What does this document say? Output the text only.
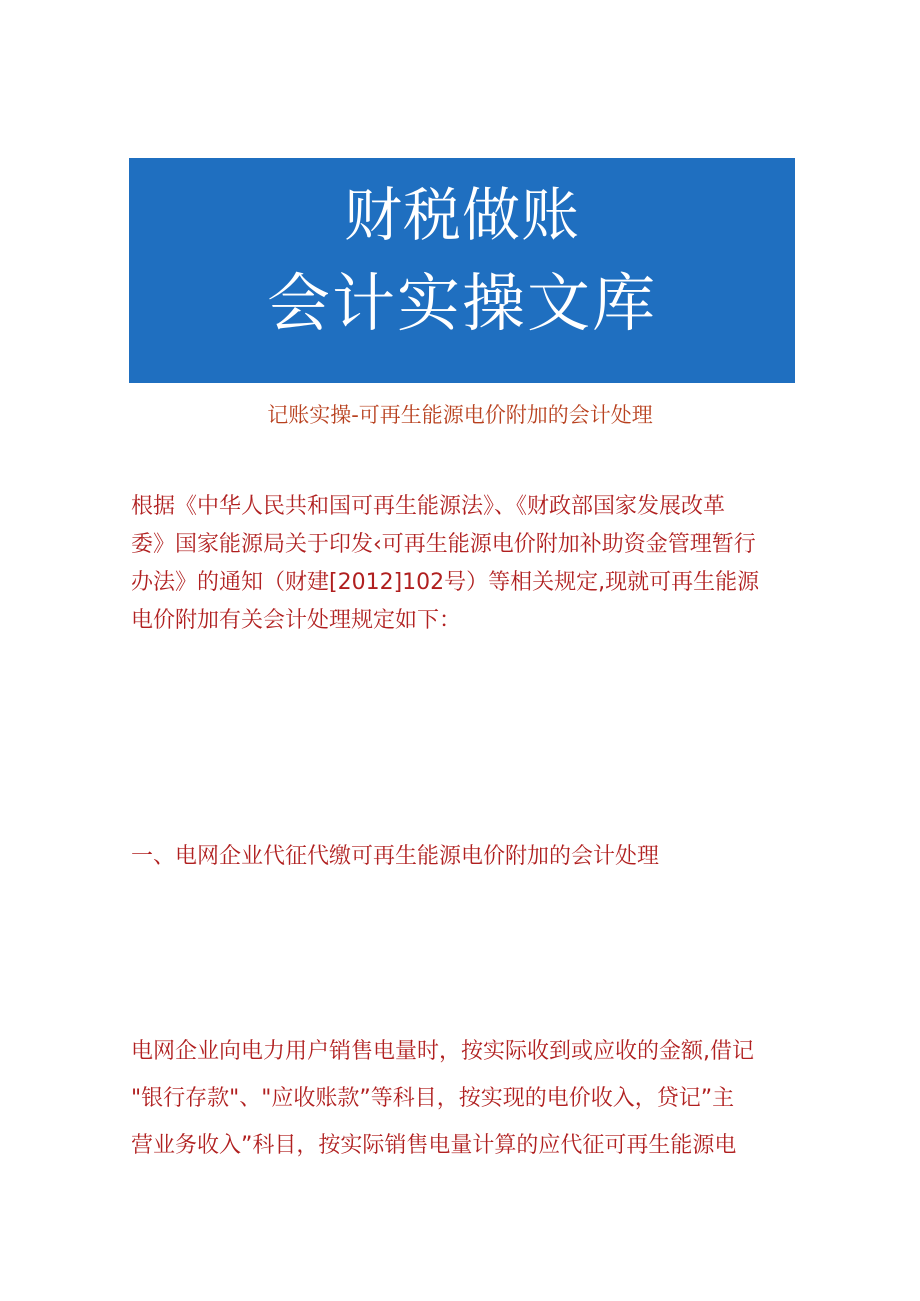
财税做账
会计实操文库
记账实操-可再生能源电价附加的会计处理
根据《中华人民共和国可再生能源法》、《财政部国家发展改革
委》国家能源局关于印发‹可再生能源电价附加补助资金管理暂行
办法》的通知（财建[2012]102号）等相关规定,现就可再生能源
电价附加有关会计处理规定如下：
一、电网企业代征代缴可再生能源电价附加的会计处理
电网企业向电力用户销售电量时，按实际收到或应收的金额,借记
"银行存款"、"应收账款”等科目，按实现的电价收入，贷记”主
营业务收入”科目，按实际销售电量计算的应代征可再生能源电
